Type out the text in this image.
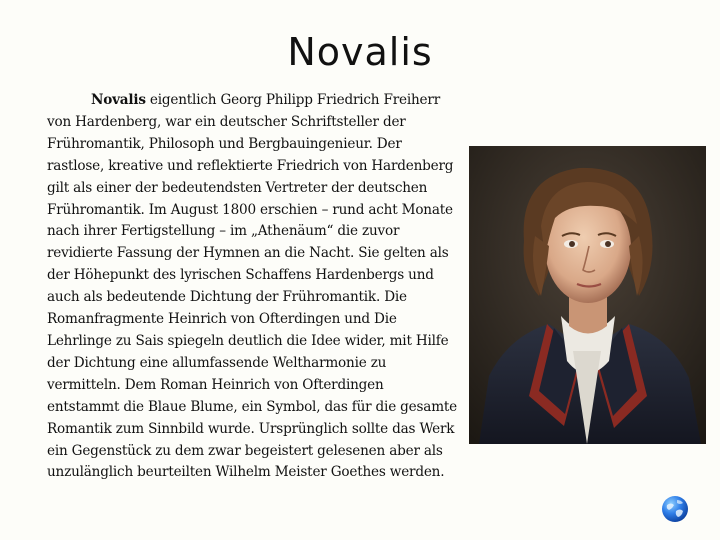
Novalis

Novalis eigentlich Georg Philipp Friedrich Freiherr von Hardenberg, war ein deutscher Schriftsteller der Frühromantik, Philosoph und Bergbauingenieur. Der rastlose, kreative und reflektierte Friedrich von Hardenberg gilt als einer der bedeutendsten Vertreter der deutschen Frühromantik. Im August 1800 erschien – rund acht Monate nach ihrer Fertigstellung – im „Athenäum“ die zuvor revidierte Fassung der Hymnen an die Nacht. Sie gelten als der Höhepunkt des lyrischen Schaffens Hardenbergs und auch als bedeutende Dichtung der Frühromantik. Die Romanfragmente Heinrich von Ofterdingen und Die Lehrlinge zu Sais spiegeln deutlich die Idee wider, mit Hilfe der Dichtung eine allumfassende Weltharmonie zu vermitteln. Dem Roman Heinrich von Ofterdingen entstammt die Blaue Blume, ein Symbol, das für die gesamte Romantik zum Sinnbild wurde. Ursprünglich sollte das Werk ein Gegenstück zu dem zwar begeistert gelesenen aber als unzulänglich beurteilten Wilhelm Meister Goethes werden.
